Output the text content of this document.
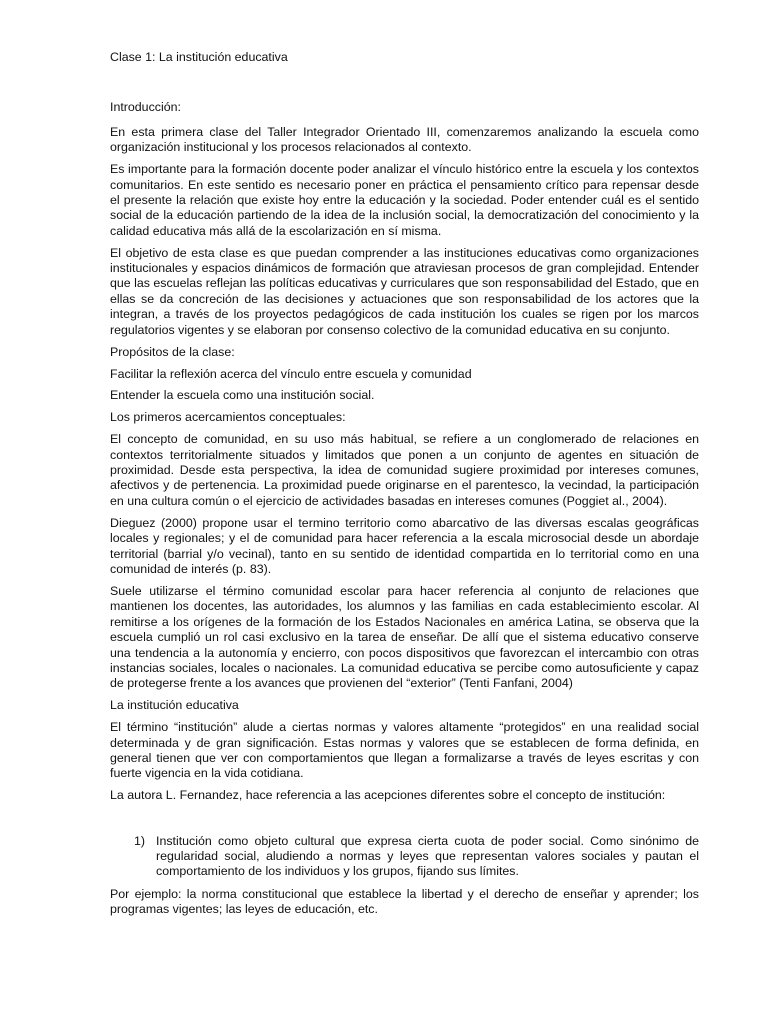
Clase 1: La institución educativa

Introducción:

En esta primera clase del Taller Integrador Orientado III, comenzaremos analizando la escuela como organización institucional y los procesos relacionados al contexto.

Es importante para la formación docente poder analizar el vínculo histórico entre la escuela y los contextos comunitarios. En este sentido es necesario poner en práctica el pensamiento crítico para repensar desde el presente la relación que existe hoy entre la educación y la sociedad. Poder entender cuál es el sentido social de la educación partiendo de la idea de la inclusión social, la democratización del conocimiento y la calidad educativa más allá de la escolarización en sí misma.

El objetivo de esta clase es que puedan comprender a las instituciones educativas como organizaciones institucionales y espacios dinámicos de formación que atraviesan procesos de gran complejidad. Entender que las escuelas reflejan las políticas educativas y curriculares que son responsabilidad del Estado, que en ellas se da concreción de las decisiones y actuaciones que son responsabilidad de los actores que la integran, a través de los proyectos pedagógicos de cada institución los cuales se rigen por los marcos regulatorios vigentes y se elaboran por consenso colectivo de la comunidad educativa en su conjunto.

Propósitos de la clase:

Facilitar la reflexión acerca del vínculo entre escuela y comunidad

Entender la escuela como una institución social.

Los primeros acercamientos conceptuales:

El concepto de comunidad, en su uso más habitual, se refiere a un conglomerado de relaciones en contextos territorialmente situados y limitados que ponen a un conjunto de agentes en situación de proximidad. Desde esta perspectiva, la idea de comunidad sugiere proximidad por intereses comunes, afectivos y de pertenencia. La proximidad puede originarse en el parentesco, la vecindad, la participación en una cultura común o el ejercicio de actividades basadas en intereses comunes (Poggiet al., 2004).

Dieguez (2000) propone usar el termino territorio como abarcativo de las diversas escalas geográficas locales y regionales; y el de comunidad para hacer referencia a la escala microsocial desde un abordaje territorial (barrial y/o vecinal), tanto en su sentido de identidad compartida en lo territorial como en una comunidad de interés (p. 83).

Suele utilizarse el término comunidad escolar para hacer referencia al conjunto de relaciones que mantienen los docentes, las autoridades, los alumnos y las familias en cada establecimiento escolar. Al remitirse a los orígenes de la formación de los Estados Nacionales en américa Latina, se observa que la escuela cumplió un rol casi exclusivo en la tarea de enseñar. De allí que el sistema educativo conserve una tendencia a la autonomía y encierro, con pocos dispositivos que favorezcan el intercambio con otras instancias sociales, locales o nacionales. La comunidad educativa se percibe como autosuficiente y capaz de protegerse frente a los avances que provienen del “exterior” (Tenti Fanfani, 2004)

La institución educativa

El término “institución” alude a ciertas normas y valores altamente “protegidos” en una realidad social determinada y de gran significación. Estas normas y valores que se establecen de forma definida, en general tienen que ver con comportamientos que llegan a formalizarse a través de leyes escritas y con fuerte vigencia en la vida cotidiana.

La autora L. Fernandez, hace referencia a las acepciones diferentes sobre el concepto de institución:

1) Institución como objeto cultural que expresa cierta cuota de poder social. Como sinónimo de regularidad social, aludiendo a normas y leyes que representan valores sociales y pautan el comportamiento de los individuos y los grupos, fijando sus límites.

Por ejemplo: la norma constitucional que establece la libertad y el derecho de enseñar y aprender; los programas vigentes; las leyes de educación, etc.
